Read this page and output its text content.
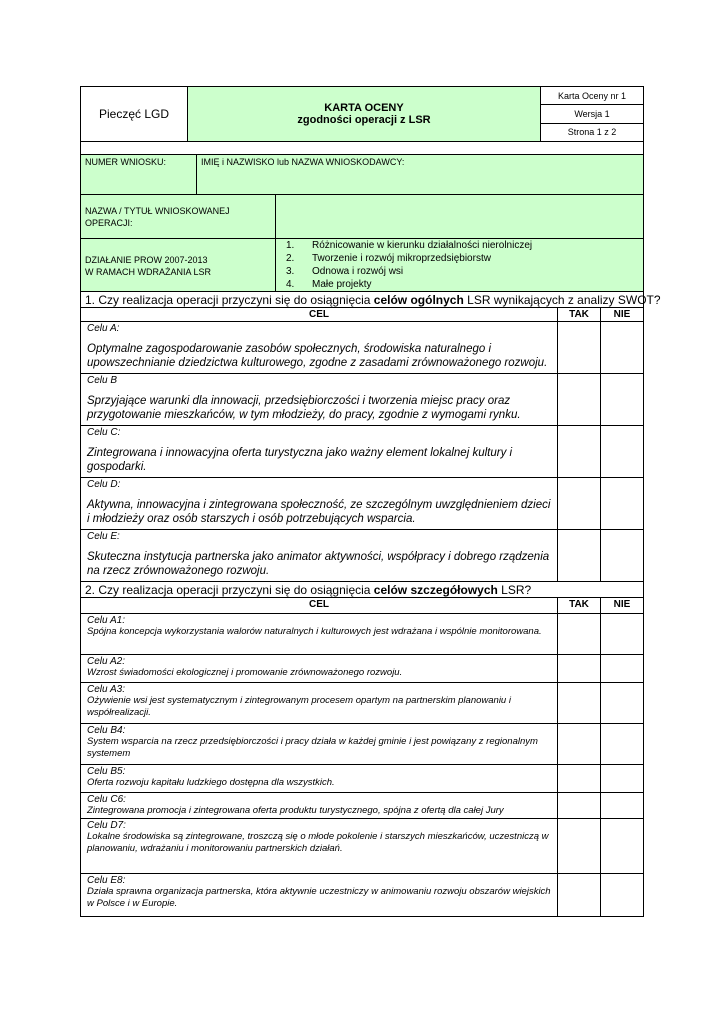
Pieczęć LGD	KARTA OCENY
zgodności operacji z LSR
Karta Oceny nr 1
Wersja 1
Strona 1 z 2
NUMER WNIOSKU:	IMIĘ i NAZWISKO lub NAZWA WNIOSKODAWCY:
NAZWA / TYTUŁ WNIOSKOWANEJ
OPERACJI:
DZIAŁANIE PROW 2007-2013
W RAMACH WDRAŻANIA LSR
1.	Różnicowanie w kierunku działalności nierolniczej
2.	Tworzenie i rozwój mikroprzedsiębiorstw
3.	Odnowa i rozwój wsi
4.	Małe projekty
1. Czy realizacja operacji przyczyni się do osiągnięcia celów ogólnych LSR wynikających z analizy SWOT?
CEL	TAK	NIE
Celu A:
Optymalne zagospodarowanie zasobów społecznych, środowiska naturalnego i upowszechnianie dziedzictwa kulturowego, zgodne z zasadami zrównoważonego rozwoju.
Celu B
Sprzyjające warunki dla innowacji, przedsiębiorczości i tworzenia miejsc pracy oraz przygotowanie mieszkańców, w tym młodzieży, do pracy, zgodnie z wymogami rynku.
Celu C:
Zintegrowana i innowacyjna oferta turystyczna jako ważny element lokalnej kultury i gospodarki.
Celu D:
Aktywna, innowacyjna i zintegrowana społeczność, ze szczególnym uwzględnieniem dzieci i młodzieży oraz osób starszych i osób potrzebujących wsparcia.
Celu E:
Skuteczna instytucja partnerska jako animator aktywności, współpracy i dobrego rządzenia na rzecz zrównoważonego rozwoju.
2. Czy realizacja operacji przyczyni się do osiągnięcia celów szczegółowych LSR?
CEL	TAK	NIE
Celu A1:
Spójna koncepcja wykorzystania walorów naturalnych i kulturowych jest wdrażana i wspólnie monitorowana.
Celu A2:
Wzrost świadomości ekologicznej i promowanie zrównoważonego rozwoju.
Celu A3:
Ożywienie wsi jest systematycznym i zintegrowanym procesem opartym na partnerskim planowaniu i współrealizacji.
Celu B4:
System wsparcia na rzecz przedsiębiorczości i pracy działa w każdej gminie i jest powiązany z regionalnym systemem
Celu B5:
Oferta rozwoju kapitału ludzkiego dostępna dla wszystkich.
Celu C6:
Zintegrowana promocja i zintegrowana oferta produktu turystycznego, spójna z ofertą dla całej Jury
Celu D7:
Lokalne środowiska są zintegrowane, troszczą się o młode pokolenie i starszych mieszkańców, uczestniczą w planowaniu, wdrażaniu i monitorowaniu partnerskich działań.
Celu E8:
Działa sprawna organizacja partnerska, która aktywnie uczestniczy w animowaniu rozwoju obszarów wiejskich w Polsce i w Europie.
